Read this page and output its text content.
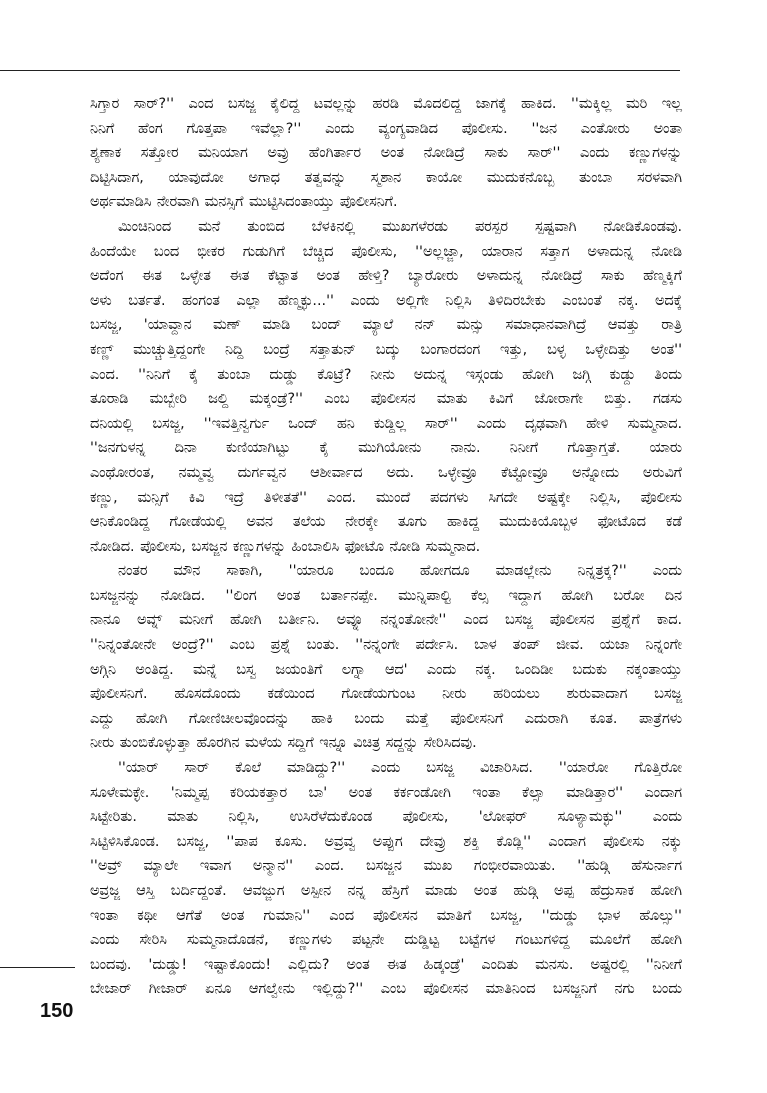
ಸಿಗ್ತಾರ ಸಾರ್?'' ಎಂದ ಬಸಜ್ಜ ಕೈಲಿದ್ದ ಟವಲ್ಲನ್ನು ಹರಡಿ ಮೊದಲಿದ್ದ ಜಾಗಕ್ಕೆ ಹಾಕಿದ. ''ಮಕ್ಕಿಲ್ಲ ಮರಿ ಇಲ್ಲ

ನಿನಿಗೆ ಹೆಂಗ ಗೊತ್ತಪಾ ಇವೆಲ್ಲಾ?'' ಎಂದು ವ್ಯಂಗ್ಯವಾಡಿದ ಪೊಲೀಸು. ''ಜನ ಎಂತೋರು ಅಂತಾ

ಶ್ಯಣಾಕ ಸತ್ತೋರ ಮನಿಯಾಗ ಅವ್ರು ಹೆಂಗಿರ್ತಾರ ಅಂತ ನೋಡಿದ್ರೆ ಸಾಕು ಸಾರ್'' ಎಂದು ಕಣ್ಣುಗಳನ್ನು

ದಿಟ್ಟಿಸಿದಾಗ, ಯಾವುದೋ ಅಗಾಧ ತತ್ವವನ್ನು ಸ್ಮಶಾನ ಕಾಯೋ ಮುದುಕನೊಬ್ಬ ತುಂಬಾ ಸರಳವಾಗಿ

ಅರ್ಥಮಾಡಿಸಿ ನೇರವಾಗಿ ಮನಸ್ಸಿಗೆ ಮುಟ್ಟಿಸಿದಂತಾಯ್ತು ಪೊಲೀಸನಿಗೆ.

ಮಿಂಚಿನಿಂದ ಮನೆ ತುಂಬಿದ ಬೆಳಕಿನಲ್ಲಿ ಮುಖಗಳೆರಡು ಪರಸ್ಪರ ಸ್ಪಷ್ಟವಾಗಿ ನೋಡಿಕೊಂಡವು.

ಹಿಂದೆಯೇ ಬಂದ ಭೀಕರ ಗುಡುಗಿಗೆ ಬೆಚ್ಚಿದ ಪೊಲೀಸು, ''ಅಲ್ಲಜ್ಜಾ, ಯಾರಾನ ಸತ್ತಾಗ ಅಳಾದುನ್ನ ನೋಡಿ

ಅದೆಂಗ ಈತ ಒಳ್ಳೇತ ಈತ ಕೆಟ್ಟಾತ ಅಂತ ಹೇಳ್ತಿ? ಬ್ಯಾರೋರು ಅಳಾದುನ್ನ ನೋಡಿದ್ರೆ ಸಾಕು ಹೆಣ್ಮಕ್ಕಿಗೆ

ಅಳು ಬರ್ತತೆ. ಹಂಗಂತ ಎಲ್ಲಾ ಹೆಣ್ಮಕ್ಳು...'' ಎಂದು ಅಲ್ಲಿಗೇ ನಿಲ್ಲಿಸಿ ತಿಳಿದಿರಬೇಕು ಎಂಬಂತೆ ನಕ್ಕ. ಅದಕ್ಕೆ

ಬಸಜ್ಜ, 'ಯಾವ್ದಾನ ಮಣ್ ಮಾಡಿ ಬಂದ್ ಮ್ಯಾಲೆ ನನ್ ಮನ್ಸು ಸಮಾಧಾನವಾಗಿದ್ರೆ ಆವತ್ತು ರಾತ್ರಿ

ಕಣ್ಣ್ ಮುಚ್ಚುತ್ತಿದ್ದಂಗೇ ನಿದ್ದಿ ಬಂದ್ರೆ ಸತ್ತಾತುನ್ ಬದ್ಕು ಬಂಗಾರದಂಗ ಇತ್ತು, ಬಳ್ಳ ಒಳ್ಳೇದಿತ್ತು ಅಂತ''

ಎಂದ. ''ನಿನಿಗೆ ಕೈ ತುಂಬಾ ದುಡ್ಡು ಕೊಟ್ರೆ? ನೀನು ಅದುನ್ನ ಇಸ್ಗಂಡು ಹೋಗಿ ಜಗ್ಗಿ ಕುಡ್ದು ತಿಂದು

ತೂರಾಡಿ ಮಬ್ಬೇರಿ ಜಲ್ದಿ ಮಕ್ಕಂಡ್ರೆ?'' ಎಂಬ ಪೊಲೀಸನ ಮಾತು ಕಿವಿಗೆ ಜೋರಾಗೇ ಬಿತ್ತು. ಗಡಸು

ದನಿಯಲ್ಲಿ ಬಸಜ್ಜ, ''ಇವತ್ತಿನ್ವರ್ಗು ಒಂದ್ ಹನಿ ಕುಡ್ದಿಲ್ಲ ಸಾರ್'' ಎಂದು ದೃಢವಾಗಿ ಹೇಳಿ ಸುಮ್ಮನಾದ.

''ಜನಗುಳನ್ನ ದಿನಾ ಕುಣಿಯಾಗಿಟ್ಟು ಕೈ ಮುಗಿಯೋನು ನಾನು. ನಿನೀಗೆ ಗೊತ್ತಾಗ್ತತೆ. ಯಾರು

ಎಂಥೋರಂತ, ನಮ್ಮವ್ವ ದುರ್ಗವ್ವನ ಆಶೀರ್ವಾದ ಅದು. ಒಳ್ಳೇವ್ರೂ ಕೆಟ್ಟೋವ್ರೂ ಅನ್ನೋದು ಅರುವಿಗೆ

ಕಣ್ಣು, ಮನ್ಸಿಗೆ ಕಿವಿ ಇದ್ರೆ ತಿಳೀತತೆ'' ಎಂದ. ಮುಂದೆ ಪದಗಳು ಸಿಗದೇ ಅಷ್ಟಕ್ಕೇ ನಿಲ್ಲಿಸಿ, ಪೊಲೀಸು

ಆನಿಕೊಂಡಿದ್ದ ಗೋಡೆಯಲ್ಲಿ ಅವನ ತಲೆಯ ನೇರಕ್ಕೇ ತೂಗು ಹಾಕಿದ್ದ ಮುದುಕಿಯೊಬ್ಬಳ ಫೋಟೊದ ಕಡೆ

ನೋಡಿದ. ಪೊಲೀಸು, ಬಸಜ್ಜನ ಕಣ್ಣುಗಳನ್ನು ಹಿಂಬಾಲಿಸಿ ಫೋಟೊ ನೋಡಿ ಸುಮ್ಮನಾದ.

ನಂತರ ಮೌನ ಸಾಕಾಗಿ, ''ಯಾರೂ ಬಂದೂ ಹೋಗದೂ ಮಾಡಲ್ಲೇನು ನಿನ್ನತ್ರಕ್ಕ?'' ಎಂದು

ಬಸಜ್ಜನನ್ನು ನೋಡಿದ. ''ಲಿಂಗ ಅಂತ ಬರ್ತಾನಪ್ಪೇ. ಮುನ್ನಿಪಾಲ್ಟಿ ಕೆಲ್ಸ ಇದ್ದಾಗ ಹೋಗಿ ಬರೋ ದಿನ

ನಾನೂ ಅವ್ನ್ ಮನೀಗೆ ಹೋಗಿ ಬರ್ತೀನಿ. ಅವ್ನೂ ನನ್ನಂತೋನೇ'' ಎಂದ ಬಸಜ್ಜ ಪೊಲೀಸನ ಪ್ರಶ್ನೆಗೆ ಕಾದ.

''ನಿನ್ನಂತೋನೇ ಅಂದ್ರೆ?'' ಎಂಬ ಪ್ರಶ್ನೆ ಬಂತು. ''ನನ್ನಂಗೇ ಪರ್ದೇಸಿ. ಬಾಳ ತಂಪ್ ಜೀವ. ಯಜಾ ನಿನ್ನಂಗೇ

ಅಗ್ಗಿನಿ ಅಂತಿದ್ದ. ಮನ್ನೆ ಬಸ್ವ ಜಯಂತಿಗೆ ಲಗ್ನಾ ಆದ' ಎಂದು ನಕ್ಕ. ಒಂದಿಡೀ ಬದುಕು ನಕ್ಕಂತಾಯ್ತು

ಪೊಲೀಸನಿಗೆ. ಹೊಸದೊಂದು ಕಡೆಯಿಂದ ಗೋಡೆಯಗುಂಟ ನೀರು ಹರಿಯಲು ಶುರುವಾದಾಗ ಬಸಜ್ಜ

ಎದ್ದು ಹೋಗಿ ಗೋಣಿಚೀಲವೊಂದನ್ನು ಹಾಕಿ ಬಂದು ಮತ್ತೆ ಪೊಲೀಸನಿಗೆ ಎದುರಾಗಿ ಕೂತ. ಪಾತ್ರೆಗಳು

ನೀರು ತುಂಬಿಕೊಳ್ಳುತ್ತಾ ಹೊರಗಿನ ಮಳೆಯ ಸದ್ದಿಗೆ ಇನ್ನೂ ವಿಚಿತ್ರ ಸದ್ದನ್ನು ಸೇರಿಸಿದವು.

''ಯಾರ್ ಸಾರ್ ಕೊಲೆ ಮಾಡಿದ್ದು?'' ಎಂದು ಬಸಜ್ಜ ವಿಚಾರಿಸಿದ. ''ಯಾರೋ ಗೊತ್ತಿರೋ

ಸೂಳೇಮಕ್ಳೇ. 'ನಿಮ್ಮಪ್ಪ ಕರಿಯಕತ್ತಾರ ಬಾ' ಅಂತ ಕರ್ಕಂಡೋಗಿ ಇಂತಾ ಕೆಲ್ಸಾ ಮಾಡಿತ್ತಾರ'' ಎಂದಾಗ

ಸಿಟ್ಟೇರಿತು. ಮಾತು ನಿಲ್ಲಿಸಿ, ಉಸಿರೆಳೆದುಕೊಂಡ ಪೊಲೀಸು, 'ಲೋಫರ್ ಸೂಳ್ಯಾಮಕ್ಳು'' ಎಂದು

ಸಿಟ್ಟಿಳಿಸಿಕೊಂಡ. ಬಸಜ್ಜ, ''ಪಾಪ ಕೂಸು. ಅವ್ರವ್ವ ಅಪ್ಪುಗ ದೇವ್ರು ಶಕ್ತಿ ಕೊಡ್ಲಿ'' ಎಂದಾಗ ಪೊಲೀಸು ನಕ್ಕು

''ಅವ್ರ್ ಮ್ಯಾಲೇ ಇವಾಗ ಅನ್ಮಾನ'' ಎಂದ. ಬಸಜ್ಜನ ಮುಖ ಗಂಭೀರವಾಯಿತು. ''ಹುಡ್ಗಿ ಹೆಸುರ್ನಾಗ

ಅವ್ರಜ್ಜ ಆಸ್ತಿ ಬರ್ದಿದ್ದಂತೆ. ಆವಜ್ಜುಗ ಅಸ್ಪೀನ ನನ್ನ ಹೆಸ್ರಿಗೆ ಮಾಡು ಅಂತ ಹುಡ್ಗಿ ಅಪ್ಪ ಹೆದ್ರುಸಾಕ ಹೋಗಿ

ಇಂತಾ ಕಥೀ ಆಗೆತೆ ಅಂತ ಗುಮಾನಿ'' ಎಂದ ಪೊಲೀಸನ ಮಾತಿಗೆ ಬಸಜ್ಜ, ''ದುಡ್ಡು ಭಾಳ ಹೊಲ್ಸು''

ಎಂದು ಸೇರಿಸಿ ಸುಮ್ಮನಾದೊಡನೆ, ಕಣ್ಣುಗಳು ಪಟ್ಟನೇ ದುಡ್ಡಿಟ್ಟ ಬಟ್ಟೆಗಳ ಗಂಟುಗಳಿದ್ದ ಮೂಲೆಗೆ ಹೋಗಿ

ಬಂದವು. 'ದುಡ್ಡು! ಇಷ್ಟಾಕೊಂದು! ಎಲ್ಲಿದು? ಅಂತ ಈತ ಹಿಡ್ಕಂಡ್ರೆ' ಎಂದಿತು ಮನಸು. ಅಷ್ಟರಲ್ಲಿ ''ನಿನೀಗೆ

ಬೇಜಾರ್ ಗೀಜಾರ್ ಏನೂ ಆಗಲ್ವೇನು ಇಲ್ಲಿದ್ದು?'' ಎಂಬ ಪೊಲೀಸನ ಮಾತಿನಿಂದ ಬಸಜ್ಜನಿಗೆ ನಗು ಬಂದು

150
